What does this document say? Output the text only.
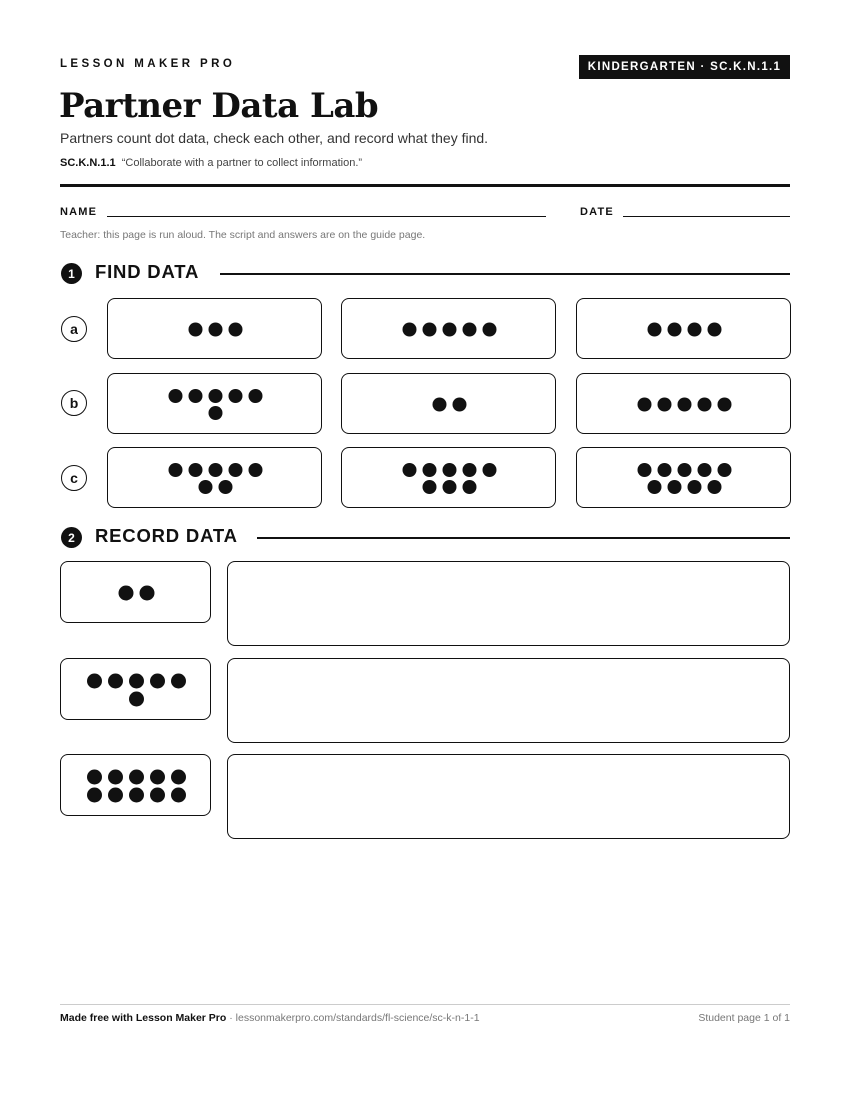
LESSON MAKER PRO	KINDERGARTEN · SC.K.N.1.1
Partner Data Lab
Partners count dot data, check each other, and record what they find.
SC.K.N.1.1 “Collaborate with a partner to collect information.”
NAME	DATE
Teacher: this page is run aloud. The script and answers are on the guide page.
1	FIND DATA
a
b
c
2	RECORD DATA
Made free with Lesson Maker Pro · lessonmakerpro.com/standards/fl-science/sc-k-n-1-1	Student page 1 of 1
